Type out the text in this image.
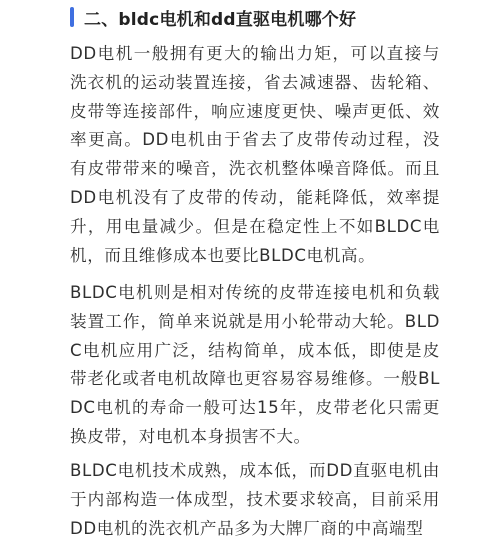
二、bldc电机和dd直驱电机哪个好

DD电机一般拥有更大的输出力矩，可以直接与洗衣机的运动装置连接，省去减速器、齿轮箱、皮带等连接部件，响应速度更快、噪声更低、效率更高。DD电机由于省去了皮带传动过程，没有皮带带来的噪音，洗衣机整体噪音降低。而且DD电机没有了皮带的传动，能耗降低，效率提升，用电量减少。但是在稳定性上不如BLDC电机，而且维修成本也要比BLDC电机高。

BLDC电机则是相对传统的皮带连接电机和负载装置工作，简单来说就是用小轮带动大轮。BLDC电机应用广泛，结构简单，成本低，即使是皮带老化或者电机故障也更容易容易维修。一般BLDC电机的寿命一般可达15年，皮带老化只需更换皮带，对电机本身损害不大。

BLDC电机技术成熟，成本低，而DD直驱电机由于内部构造一体成型，技术要求较高，目前采用DD电机的洗衣机产品多为大牌厂商的中高端型
